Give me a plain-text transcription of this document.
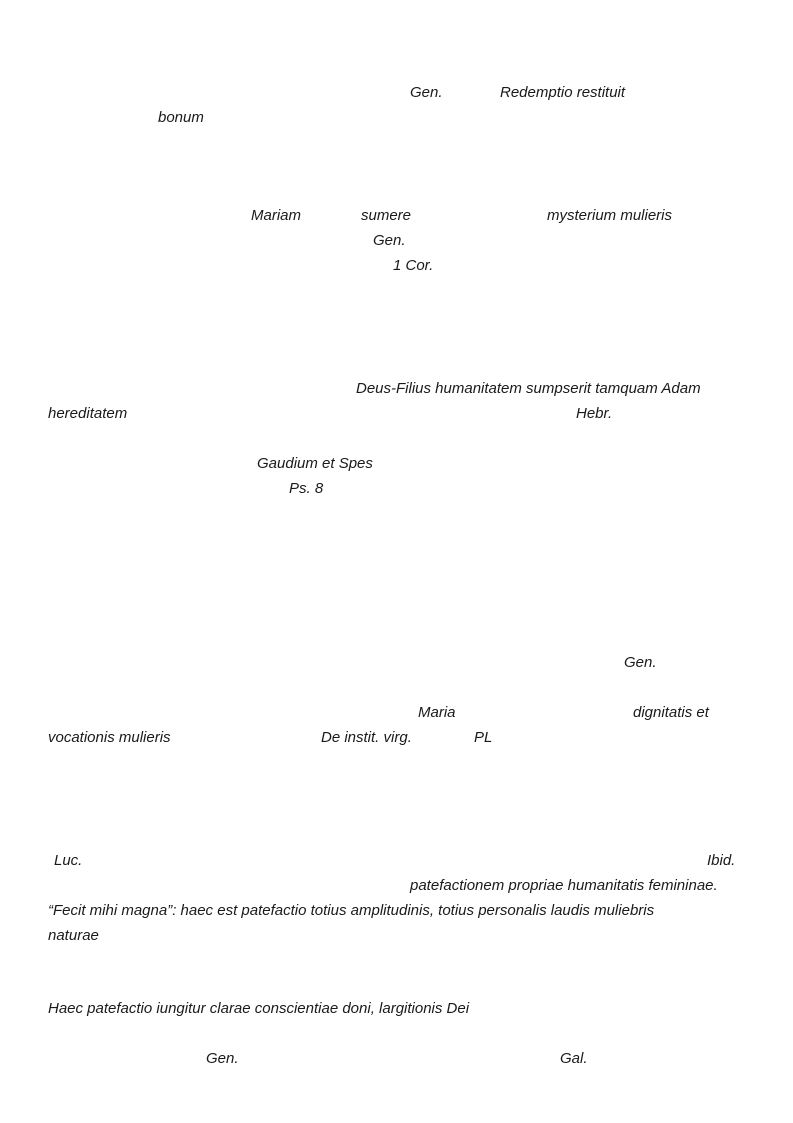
Gen.	Redemptio restituit
bonum
Mariam	sumere	mysterium mulieris
Gen.
1 Cor.
Deus-Filius humanitatem sumpserit tamquam Adam
hereditatem	Hebr.
Gaudium et Spes
Ps. 8
Gen.
Maria	dignitatis et
vocationis mulieris	De instit. virg.	PL
Luc.	Ibid.
patefactionem propriae humanitatis femininae.
“Fecit mihi magna”: haec est patefactio totius amplitudinis, totius personalis laudis muliebris
naturae
Haec patefactio iungitur clarae conscientiae doni, largitionis Dei
Gen.	Gal.
